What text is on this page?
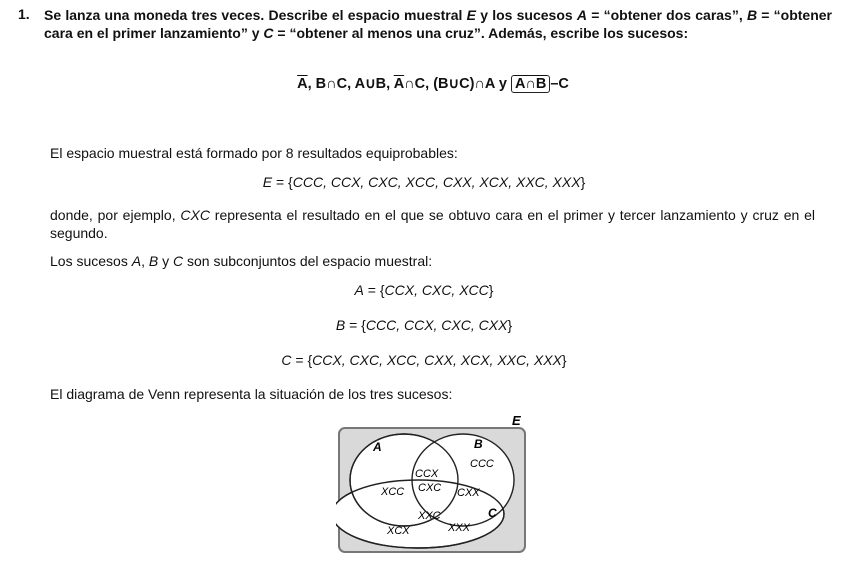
1. Se lanza una moneda tres veces. Describe el espacio muestral E y los sucesos A = “obtener dos caras”, B = “obtener cara en el primer lanzamiento” y C = “obtener al menos una cruz”. Además, escribe los sucesos:

$\overline{A}$, B∩C, A∪B, $\overline{A}\cap C$, (B∪C)∩A y A∩B –C

El espacio muestral está formado por 8 resultados equiprobables:

E = {CCC, CCX, CXC, XCC, CXX, XCX, XXC, XXX}

donde, por ejemplo, CXC representa el resultado en el que se obtuvo cara en el primer y tercer lanzamiento y cruz en el segundo.

Los sucesos A, B y C son subconjuntos del espacio muestral:

A = {CCX, CXC, XCC}
B = {CCC, CCX, CXC, CXX}
C = {CCX, CXC, XCC, CXX, XCX, XXC, XXX}

El diagrama de Venn representa la situación de los tres sucesos:

E
A	B
C
CCC
CCX
CXC
XCC	CXX
XXC
XCX	XXX
